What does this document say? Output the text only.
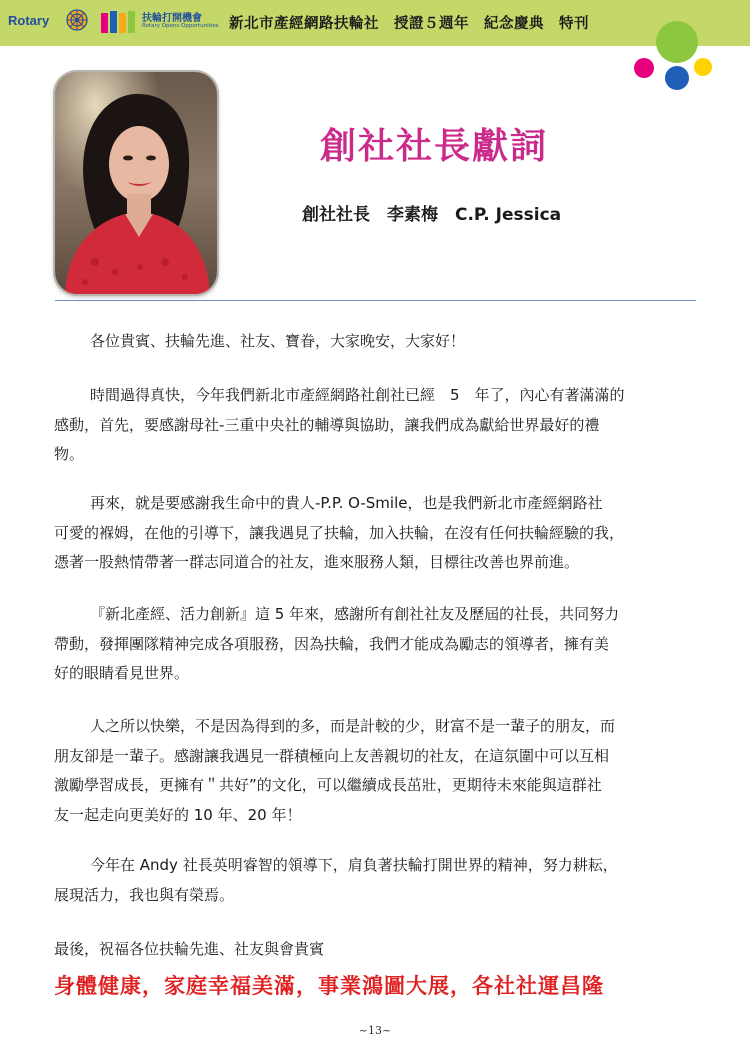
Rotary	扶輪打開機會
Rotary Opens Opportunities 新北市產經網路扶輪社　授證５週年　紀念慶典　特刊
創社社長獻詞
創社社長　李素梅　C.P. Jessica
各位貴賓、扶輪先進、社友、寶眷，大家晚安，大家好！
時間過得真快，今年我們新北市產經網路社創社已經　5　年了，內心有著滿滿的
感動，首先，要感謝母社-三重中央社的輔導與協助，讓我們成為獻給世界最好的禮
物。
再來，就是要感謝我生命中的貴人-P.P. O-Smile，也是我們新北市產經網路社
可愛的褓姆，在他的引導下，讓我遇見了扶輪，加入扶輪，在沒有任何扶輪經驗的我，
憑著一股熱情帶著一群志同道合的社友，進來服務人類，目標往改善也界前進。
『新北產經、活力創新』這 5 年來，感謝所有創社社友及歷屆的社長，共同努力
帶動，發揮團隊精神完成各項服務，因為扶輪，我們才能成為勵志的領導者，擁有美
好的眼睛看見世界。
人之所以快樂，不是因為得到的多，而是計較的少，財富不是一輩子的朋友，而
朋友卻是一輩子。感謝讓我遇見一群積極向上友善親切的社友，在這氛圍中可以互相
激勵學習成長，更擁有＂共好”的文化，可以繼續成長茁壯，更期待未來能與這群社
友一起走向更美好的 10 年、20 年！
今年在 Andy 社長英明睿智的領導下，肩負著扶輪打開世界的精神，努力耕耘，
展現活力，我也與有榮焉。
最後，祝福各位扶輪先進、社友與會貴賓
身體健康，家庭幸福美滿，事業鴻圖大展，各社社運昌隆
~13~
